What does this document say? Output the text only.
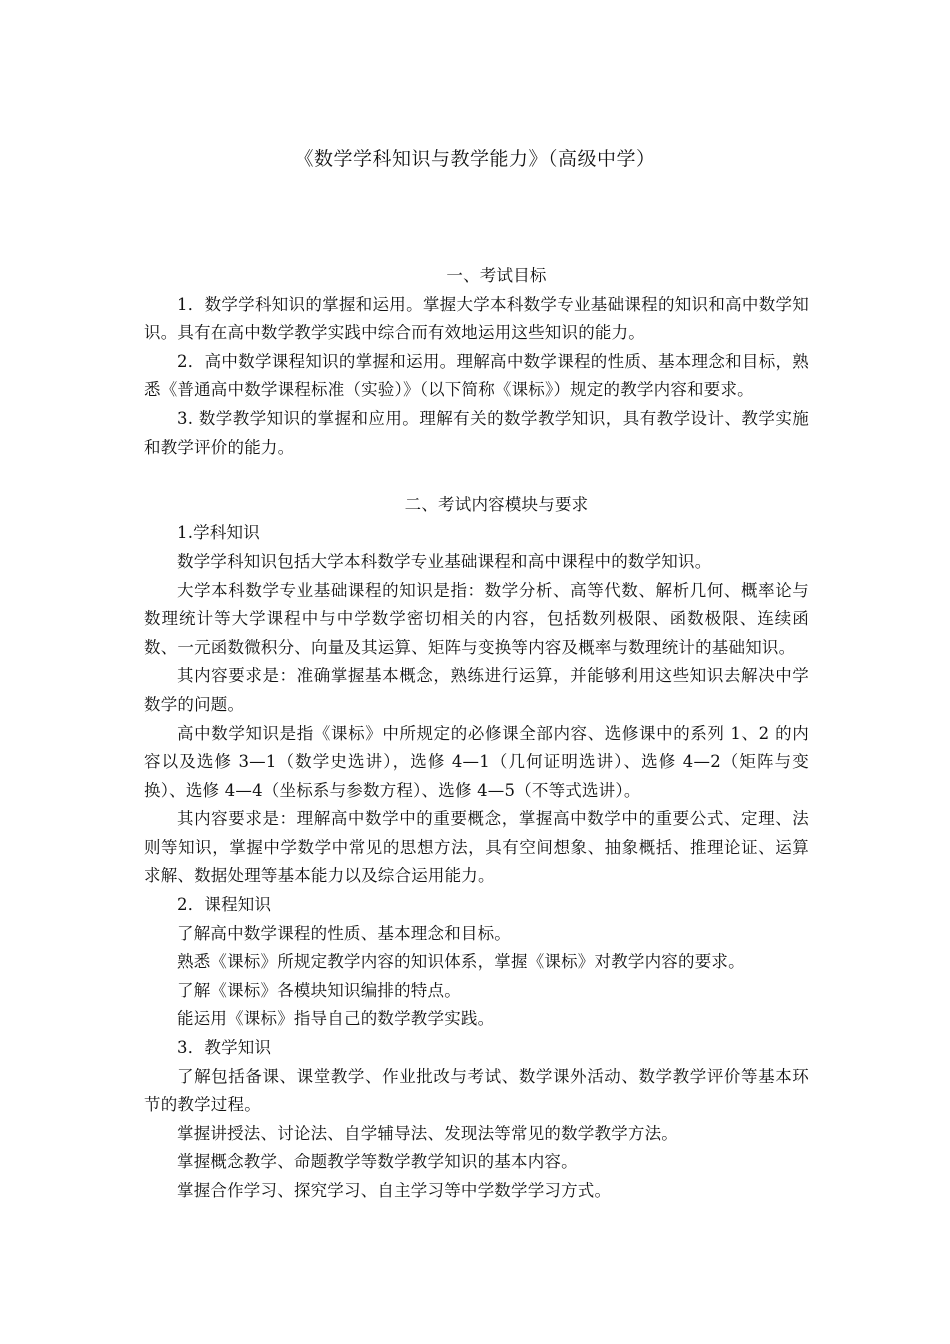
《数学学科知识与教学能力》（高级中学）

一、考试目标

1．数学学科知识的掌握和运用。掌握大学本科数学专业基础课程的知识和高中数学知识。具有在高中数学教学实践中综合而有效地运用这些知识的能力。

2．高中数学课程知识的掌握和运用。理解高中数学课程的性质、基本理念和目标，熟悉《普通高中数学课程标准（实验）》（以下简称《课标》）规定的教学内容和要求。

3. 数学教学知识的掌握和应用。理解有关的数学教学知识，具有教学设计、教学实施和教学评价的能力。

二、考试内容模块与要求

1.学科知识

数学学科知识包括大学本科数学专业基础课程和高中课程中的数学知识。

大学本科数学专业基础课程的知识是指：数学分析、高等代数、解析几何、概率论与数理统计等大学课程中与中学数学密切相关的内容，包括数列极限、函数极限、连续函数、一元函数微积分、向量及其运算、矩阵与变换等内容及概率与数理统计的基础知识。

其内容要求是：准确掌握基本概念，熟练进行运算，并能够利用这些知识去解决中学数学的问题。

高中数学知识是指《课标》中所规定的必修课全部内容、选修课中的系列 1、2 的内容以及选修 3—1（数学史选讲），选修 4—1（几何证明选讲）、选修 4—2（矩阵与变换）、选修 4—4（坐标系与参数方程）、选修 4—5（不等式选讲）。

其内容要求是：理解高中数学中的重要概念，掌握高中数学中的重要公式、定理、法则等知识，掌握中学数学中常见的思想方法，具有空间想象、抽象概括、推理论证、运算求解、数据处理等基本能力以及综合运用能力。

2．课程知识

了解高中数学课程的性质、基本理念和目标。

熟悉《课标》所规定教学内容的知识体系，掌握《课标》对教学内容的要求。

了解《课标》各模块知识编排的特点。

能运用《课标》指导自己的数学教学实践。

3．教学知识

了解包括备课、课堂教学、作业批改与考试、数学课外活动、数学教学评价等基本环节的教学过程。

掌握讲授法、讨论法、自学辅导法、发现法等常见的数学教学方法。

掌握概念教学、命题教学等数学教学知识的基本内容。

掌握合作学习、探究学习、自主学习等中学数学学习方式。
